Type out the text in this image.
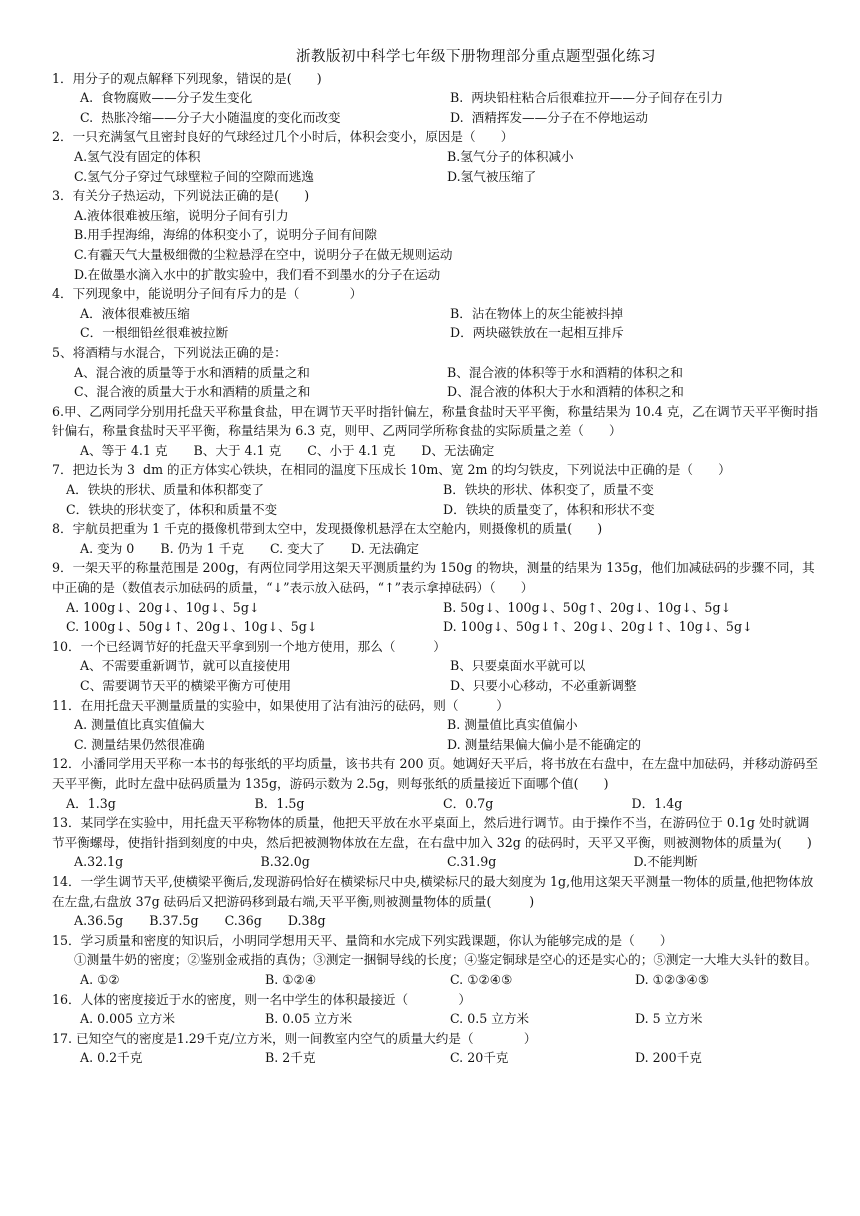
浙教版初中科学七年级下册物理部分重点题型强化练习
1．用分子的观点解释下列现象，错误的是(　　)
A.  食物腐败——分子发生变化	B.  两块铅柱粘合后很难拉开——分子间存在引力
C.  热胀冷缩——分子大小随温度的变化而改变	D.  酒精挥发——分子在不停地运动
2．一只充满氢气且密封良好的气球经过几个小时后，体积会变小，原因是（　　）
A.氢气没有固定的体积	B.氢气分子的体积减小
C.氢气分子穿过气球壁粒子间的空隙而逃逸	D.氢气被压缩了
3．有关分子热运动，下列说法正确的是(　　)
A.液体很难被压缩，说明分子间有引力
B.用手捏海绵，海绵的体积变小了，说明分子间有间隙
C.有霾天气大量极细微的尘粒悬浮在空中，说明分子在做无规则运动
D.在做墨水滴入水中的扩散实验中，我们看不到墨水的分子在运动
4．下列现象中，能说明分子间有斥力的是（　　　　）
A．液体很难被压缩	B．沾在物体上的灰尘能被抖掉
C．一根细铅丝很难被拉断	D．两块磁铁放在一起相互排斥
5、将酒精与水混合，下列说法正确的是：
A、混合液的质量等于水和酒精的质量之和	B、混合液的体积等于水和酒精的体积之和
C、混合液的质量大于水和酒精的质量之和	D、混合液的体积大于水和酒精的体积之和
6.甲、乙两同学分别用托盘天平称量食盐，甲在调节天平时指针偏左，称量食盐时天平平衡，称量结果为 10.4 克，乙在调节天平平衡时指针偏右，称量食盐时天平平衡，称量结果为 6.3 克，则甲、乙两同学所称食盐的实际质量之差（　　）
A、等于 4.1 克 B、大于 4.1 克 C、小于 4.1 克 D、无法确定
7．把边长为 3  dm 的正方体实心铁块，在相同的温度下压成长 10m、宽 2m 的均匀铁皮，下列说法中正确的是（　　）
A．铁块的形状、质量和体积都变了	B．铁块的形状、体积变了，质量不变
C．铁块的形状变了，体积和质量不变	D．铁块的质量变了，体积和形状不变
8．宇航员把重为 1 千克的摄像机带到太空中，发现摄像机悬浮在太空舱内，则摄像机的质量(　　)
A. 变为 0 B. 仍为 1 千克 C. 变大了 D. 无法确定
9．一架天平的称量范围是 200g，有两位同学用这架天平测质量约为 150g 的物块，测量的结果为 135g，他们加减砝码的步骤不同，其中正确的是（数值表示加砝码的质量，“↓”表示放入砝码，“↑”表示拿掉砝码）（　　）
A. 100g↓、20g↓、10g↓、5g↓	B. 50g↓、100g↓、50g↑、20g↓、10g↓、5g↓
C. 100g↓、50g↓↑、20g↓、10g↓、5g↓	D. 100g↓、50g↓↑、20g↓、20g↓↑、10g↓、5g↓
10．一个已经调节好的托盘天平拿到别一个地方使用，那么（　　　）
A、不需要重新调节，就可以直接使用	B、只要桌面水平就可以
C、需要调节天平的横梁平衡方可使用	D、只要小心移动，不必重新调整
11．在用托盘天平测量质量的实验中，如果使用了沾有油污的砝码，则（　　　）
A. 测量值比真实值偏大	B. 测量值比真实值偏小
C. 测量结果仍然很准确	D. 测量结果偏大偏小是不能确定的
12．小潘同学用天平称一本书的每张纸的平均质量，该书共有 200 页。她调好天平后，将书放在右盘中，在左盘中加砝码，并移动游码至天平平衡，此时左盘中砝码质量为 135g，游码示数为 2.5g，则每张纸的质量接近下面哪个值(　　)
A．1.3g	B．1.5g	C．0.7g	D．1.4g
13．某同学在实验中，用托盘天平称物体的质量，他把天平放在水平桌面上，然后进行调节。由于操作不当，在游码位于 0.1g 处时就调节平衡螺母，使指针指到刻度的中央，然后把被测物体放在左盘，在右盘中加入 32g 的砝码时，天平又平衡，则被测物体的质量为(　　)
A.32.1g	B.32.0g	C.31.9g	D.不能判断
14．一学生调节天平,使横梁平衡后,发现游码恰好在横梁标尺中央,横梁标尺的最大刻度为 1g,他用这架天平测量一物体的质量,他把物体放在左盘,右盘放 37g 砝码后又把游码移到最右端,天平平衡,则被测量物体的质量(　　　)
A.36.5g B.37.5g C.36g D.38g
15．学习质量和密度的知识后，小明同学想用天平、量筒和水完成下列实践课题，你认为能够完成的是（　　）
①测量牛奶的密度；②鉴别金戒指的真伪；③测定一捆铜导线的长度；④鉴定铜球是空心的还是实心的；⑤测定一大堆大头针的数目。
A. ①②	B. ①②④	C. ①②④⑤	D. ①②③④⑤
16．人体的密度接近于水的密度，则一名中学生的体积最接近（　　　　）
A. 0.005 立方米	B. 0.05 立方米	C. 0.5 立方米	D. 5 立方米
17. 已知空气的密度是1.29千克/立方米，则一间教室内空气的质量大约是（　　　　）
A. 0.2千克	B. 2千克	C. 20千克	D. 200千克
